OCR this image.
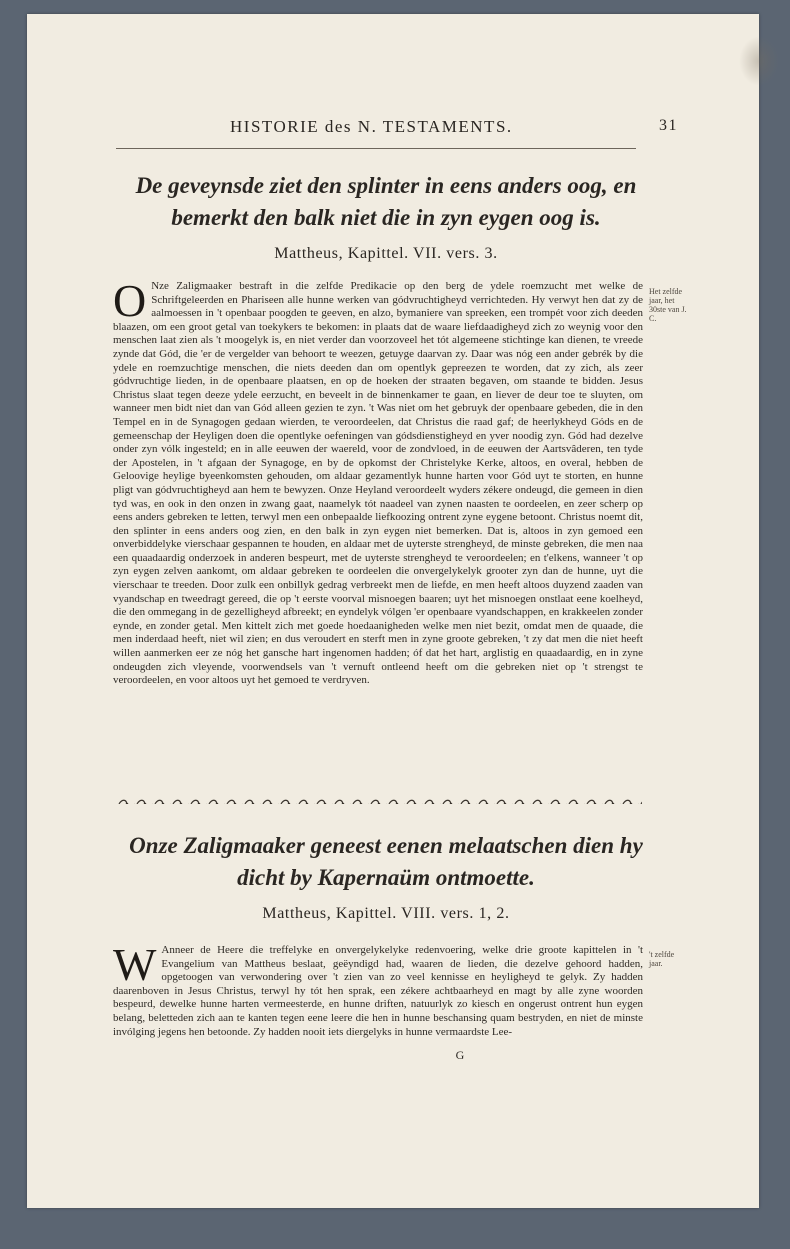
HISTORIE des N. TESTAMENTS.	31
De geveynsde ziet den splinter in eens anders oog, en bemerkt den balk niet die in zyn eygen oog is.
Mattheus, Kapittel. VII. vers. 3.

O Nze Zaligmaaker bestraft in die zelfde Predikacie op den berg de ydele roemzucht met welke de Schriftgeleerden en Phariseen alle hunne werken van gódvruchtigheyd verrichteden. Hy verwyt hen dat zy de aalmoessen in 't openbaar poogden te geeven, en alzo, bymaniere van spreeken, een trompét voor zich deeden blaazen, om een groot getal van toekykers te bekomen: in plaats dat de waare liefdaadigheyd zich zo weynig voor den menschen laat zien als 't moogelyk is, en niet verder dan voorzoveel het tót algemeene stichtinge kan dienen, te vreede zynde dat Gód, die 'er de vergelder van behoort te weezen, getuyge daarvan zy. Daar was nóg een ander gebrék by die ydele en roemzuchtige menschen, die niets deeden dan om opentlyk gepreezen te worden, dat zy zich, als zeer gódvruchtige lieden, in de openbaare plaatsen, en op de hoeken der straaten begaven, om staande te bidden. Jesus Christus slaat tegen deeze ydele eerzucht, en beveelt in de binnenkamer te gaan, en liever de deur toe te sluyten, om wanneer men bidt niet dan van Gód alleen gezien te zyn. 't Was niet om het gebruyk der openbaare gebeden, die in den Tempel en in de Synagogen gedaan wierden, te veroordeelen, dat Christus die raad gaf; de heerlykheyd Góds en de gemeenschap der Heyligen doen die opentlyke oefeningen van gódsdienstigheyd en yver noodig zyn. Gód had dezelve onder zyn vólk ingesteld; en in alle eeuwen der waereld, voor de zondvloed, in de eeuwen der Aartsvâderen, ten tyde der Apostelen, in 't afgaan der Synagoge, en by de opkomst der Christelyke Kerke, altoos, en overal, hebben de Geloovige heylige byeenkomsten gehouden, om aldaar gezamentlyk hunne harten voor Gód uyt te storten, en hunne pligt van gódvruchtigheyd aan hem te bewyzen. Onze Heyland veroordeelt wyders zékere ondeugd, die gemeen in dien tyd was, en ook in den onzen in zwang gaat, naamelyk tót naadeel van zynen naasten te oordeelen, en zeer scherp op eens anders gebreken te letten, terwyl men een onbepaalde liefkoozing ontrent zyne eygene betoont. Christus noemt dit, den splinter in eens anders oog zien, en den balk in zyn eygen niet bemerken. Dat is, altoos in zyn gemoed een onverbiddelyke vierschaar gespannen te houden, en aldaar met de uyterste strengheyd, de minste gebreken, die men naa een quaadaardig onderzoek in anderen bespeurt, met de uyterste strengheyd te veroordeelen; en t'elkens, wanneer 't op zyn eygen zelven aankomt, om aldaar gebreken te oordeelen die onvergelykelyk grooter zyn dan de hunne, uyt die vierschaar te treeden. Door zulk een onbillyk gedrag verbreekt men de liefde, en men heeft altoos duyzend zaaden van vyandschap en tweedragt gereed, die op 't eerste voorval misnoegen baaren; uyt het misnoegen onstlaat eene koelheyd, die den ommegang in de gezelligheyd afbreekt; en eyndelyk vólgen 'er openbaare vyandschappen, en krakkeelen zonder eynde, en zonder getal. Men kittelt zich met goede hoedaanigheden welke men niet bezit, omdat men de quaade, die men inderdaad heeft, niet wil zien; en dus veroudert en sterft men in zyne groote gebreken, 't zy dat men die niet heeft willen aanmerken eer ze nóg het gansche hart ingenomen hadden; óf dat het hart, arglistig en quaadaardig, en in zyne ondeugden zich vleyende, voorwendsels van 't vernuft ontleend heeft om die gebreken niet op 't strengst te veroordeelen, en voor altoos uyt het gemoed te verdryven.

Het zelfde jaar, het 30ste van J. C.
Onze Zaligmaaker geneest eenen melaatschen dien hy dicht by Kapernaüm ontmoette.
Mattheus, Kapittel. VIII. vers. 1, 2.

W Anneer de Heere die treffelyke en onvergelykelyke redenvoering, welke drie groote kapittelen in 't Evangelium van Mattheus beslaat, geëyndigd had, waaren de lieden, die dezelve gehoord hadden, opgetoogen van verwondering over 't zien van zo veel kennisse en heyligheyd te gelyk. Zy hadden daarenboven in Jesus Christus, terwyl hy tót hen sprak, een zékere achtbaarheyd en magt by alle zyne woorden bespeurd, dewelke hunne harten vermeesterde, en hunne driften, natuurlyk zo kiesch en ongerust ontrent hun eygen belang, beletteden zich aan te kanten tegen eene leere die hen in hunne beschansing quam bestryden, en niet de minste invólging jegens hen betoonde. Zy hadden nooit iets diergelyks in hunne vermaardste Lee-

't zelfde jaar.
G
